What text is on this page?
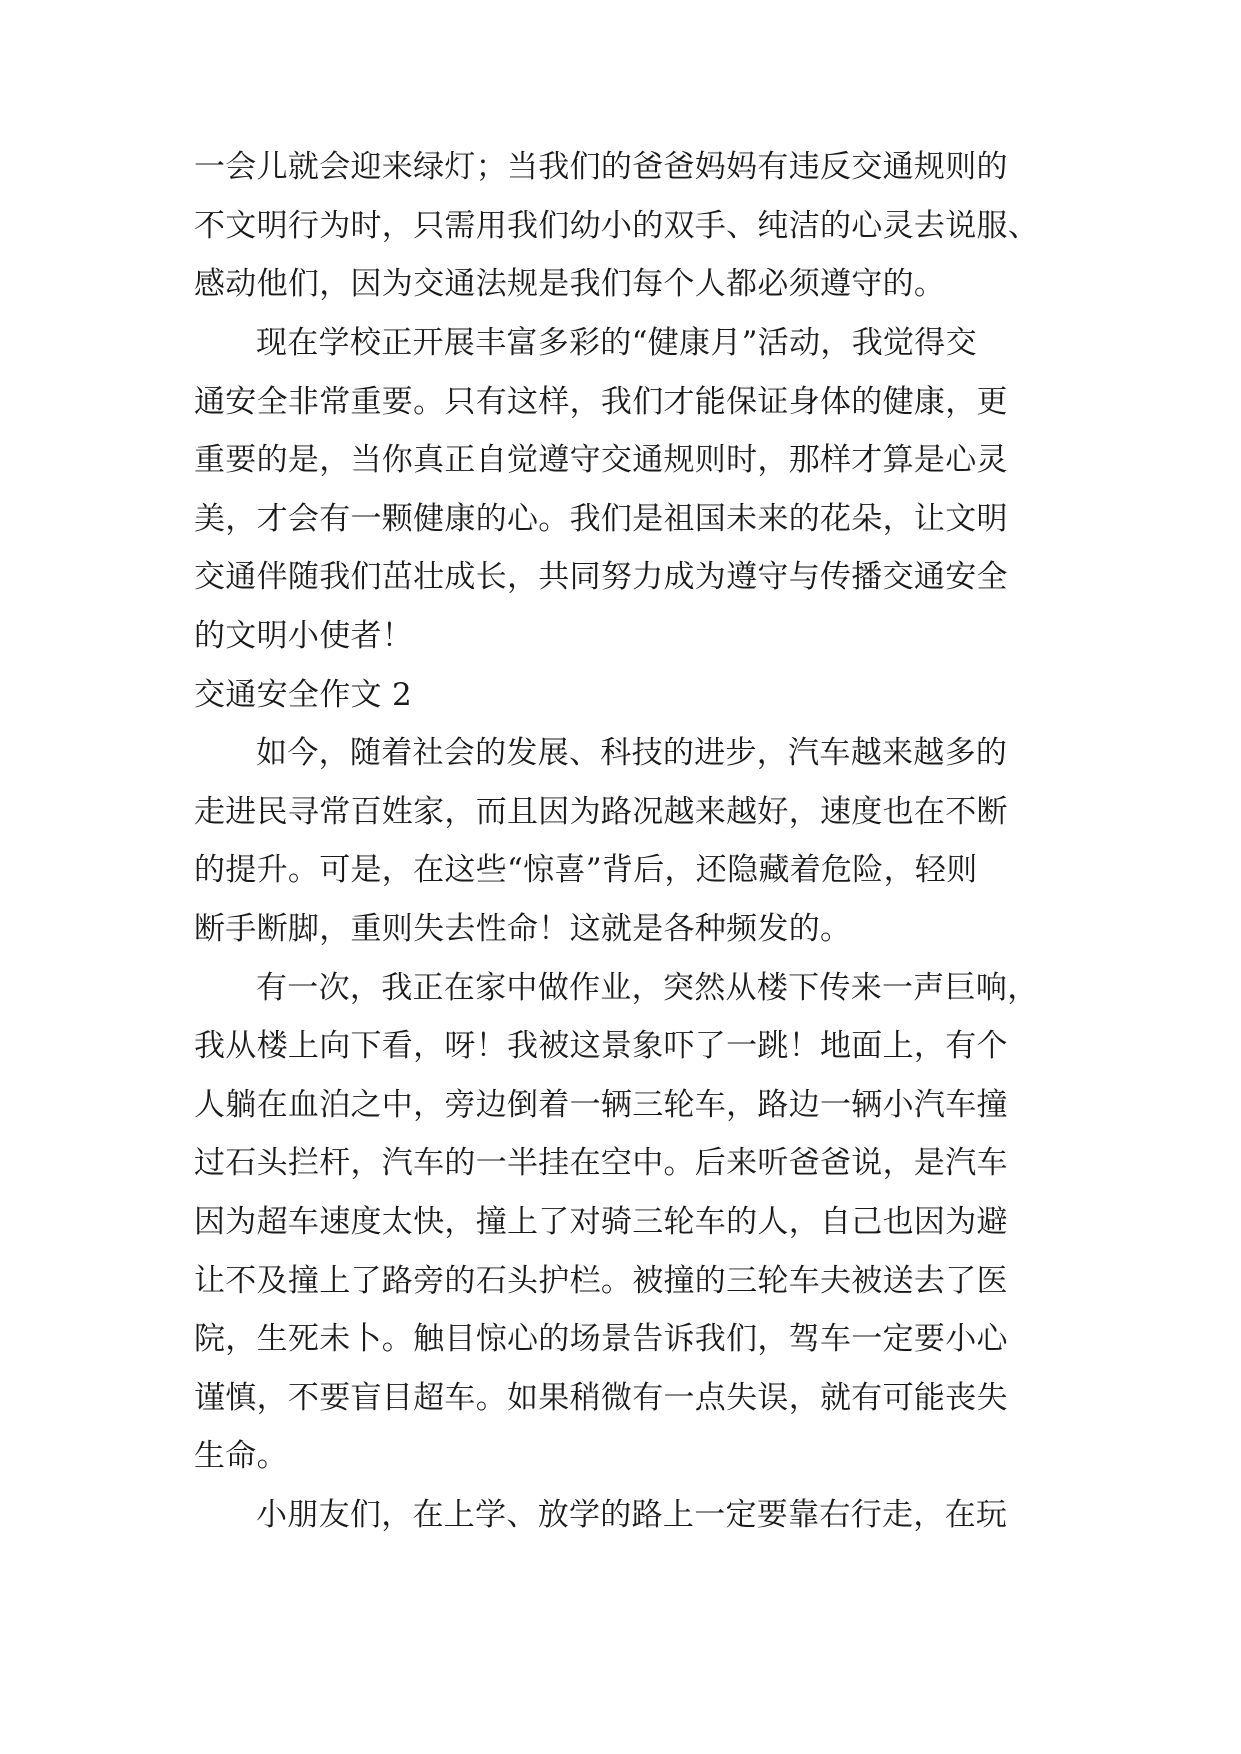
一会儿就会迎来绿灯；当我们的爸爸妈妈有违反交通规则的
不文明行为时，只需用我们幼小的双手、纯洁的心灵去说服、
感动他们，因为交通法规是我们每个人都必须遵守的。
现在学校正开展丰富多彩的“健康月”活动，我觉得交
通安全非常重要。只有这样，我们才能保证身体的健康，更
重要的是，当你真正自觉遵守交通规则时，那样才算是心灵
美，才会有一颗健康的心。我们是祖国未来的花朵，让文明
交通伴随我们茁壮成长，共同努力成为遵守与传播交通安全
的文明小使者！
交通安全作文 2
如今，随着社会的发展、科技的进步，汽车越来越多的
走进民寻常百姓家，而且因为路况越来越好，速度也在不断
的提升。可是，在这些“惊喜”背后，还隐藏着危险，轻则
断手断脚，重则失去性命！这就是各种频发的。
有一次，我正在家中做作业，突然从楼下传来一声巨响，
我从楼上向下看，呀！我被这景象吓了一跳！地面上，有个
人躺在血泊之中，旁边倒着一辆三轮车，路边一辆小汽车撞
过石头拦杆，汽车的一半挂在空中。后来听爸爸说，是汽车
因为超车速度太快，撞上了对骑三轮车的人，自己也因为避
让不及撞上了路旁的石头护栏。被撞的三轮车夫被送去了医
院，生死未卜。触目惊心的场景告诉我们，驾车一定要小心
谨慎，不要盲目超车。如果稍微有一点失误，就有可能丧失
生命。
小朋友们，在上学、放学的路上一定要靠右行走，在玩
